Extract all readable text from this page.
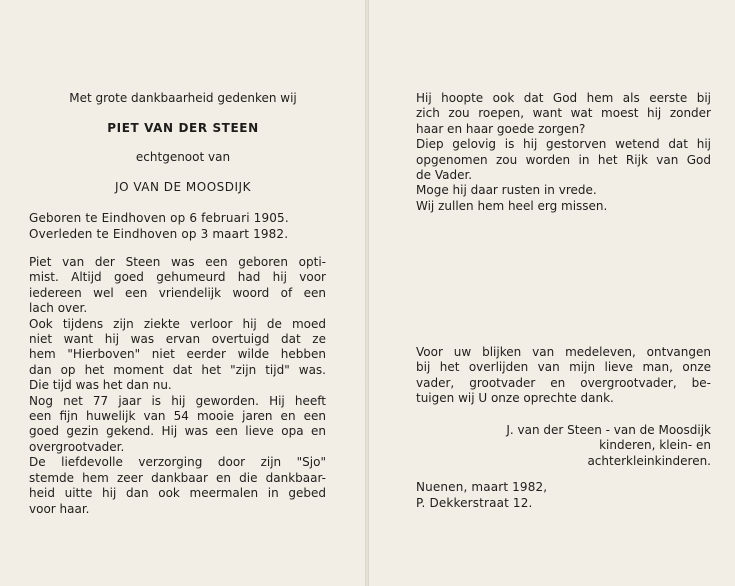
Met grote dankbaarheid gedenken wij
PIET VAN DER STEEN
echtgenoot van
JO VAN DE MOOSDIJK
Geboren te Eindhoven op 6 februari 1905.
Overleden te Eindhoven op 3 maart 1982.
Piet van der Steen was een geboren opti-
mist. Altijd goed gehumeurd had hij voor
iedereen wel een vriendelijk woord of een
lach over.
Ook tijdens zijn ziekte verloor hij de moed
niet want hij was ervan overtuigd dat ze
hem "Hierboven" niet eerder wilde hebben
dan op het moment dat het "zijn tijd" was.
Die tijd was het dan nu.
Nog net 77 jaar is hij geworden. Hij heeft
een fijn huwelijk van 54 mooie jaren en een
goed gezin gekend. Hij was een lieve opa en
overgrootvader.
De liefdevolle verzorging door zijn "Sjo"
stemde hem zeer dankbaar en die dankbaar-
heid uitte hij dan ook meermalen in gebed
voor haar.
Hij hoopte ook dat God hem als eerste bij
zich zou roepen, want wat moest hij zonder
haar en haar goede zorgen?
Diep gelovig is hij gestorven wetend dat hij
opgenomen zou worden in het Rijk van God
de Vader.
Moge hij daar rusten in vrede.
Wij zullen hem heel erg missen.
Voor uw blijken van medeleven, ontvangen
bij het overlijden van mijn lieve man, onze
vader, grootvader en overgrootvader, be-
tuigen wij U onze oprechte dank.
J. van der Steen - van de Moosdijk
kinderen, klein- en
achterkleinkinderen.
Nuenen, maart 1982,
P. Dekkerstraat 12.
